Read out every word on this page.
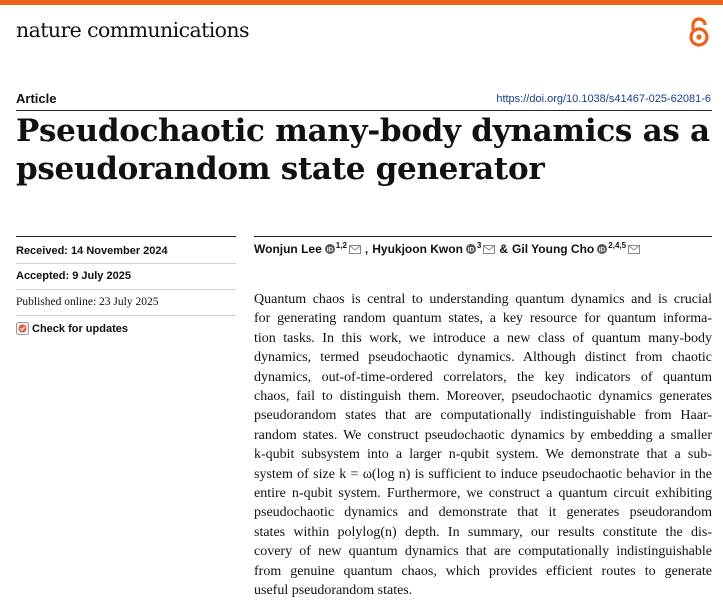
nature communications
Article	https://doi.org/10.1038/s41467-025-62081-6
Pseudochaotic many-body dynamics as a
pseudorandom state generator
Received: 14 November 2024
Accepted: 9 July 2025
Published online: 23 July 2025
Check for updates
Wonjun Lee iD
1,2 , Hyukjoon Kwon iD
3 & Gil Young Cho iD
2,4,5

Quantum chaos is central to understanding quantum dynamics and is crucial
for generating random quantum states, a key resource for quantum informa-
tion tasks. In this work, we introduce a new class of quantum many-body
dynamics, termed pseudochaotic dynamics. Although distinct from chaotic
dynamics, out-of-time-ordered correlators, the key indicators of quantum
chaos, fail to distinguish them. Moreover, pseudochaotic dynamics generates
pseudorandom states that are computationally indistinguishable from Haar-
random states. We construct pseudochaotic dynamics by embedding a smaller
k-qubit subsystem into a larger n-qubit system. We demonstrate that a sub-
system of size k = ω(log n) is sufficient to induce pseudochaotic behavior in the
entire n-qubit system. Furthermore, we construct a quantum circuit exhibiting
pseudochaotic dynamics and demonstrate that it generates pseudorandom
states within polylog(n) depth. In summary, our results constitute the dis-
covery of new quantum dynamics that are computationally indistinguishable
from genuine quantum chaos, which provides efficient routes to generate
useful pseudorandom states.
